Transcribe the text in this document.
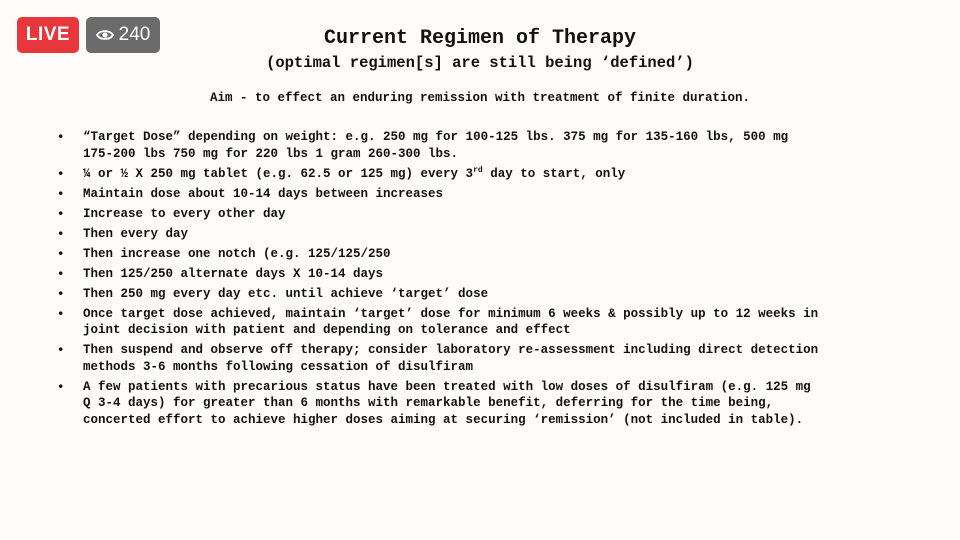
LIVE	240	Current Regimen of Therapy
(optimal regimen[s] are still being ‘defined’)

Aim - to effect an enduring remission with treatment of finite duration.

• “Target Dose” depending on weight: e.g. 250 mg for 100-125 lbs. 375 mg for 135-160 lbs, 500 mg
175-200 lbs 750 mg for 220 lbs 1 gram 260-300 lbs.
• ¼ or ½ X 250 mg tablet (e.g. 62.5 or 125 mg) every 3rd day to start, only
• Maintain dose about 10-14 days between increases
• Increase to every other day
• Then every day
• Then increase one notch (e.g. 125/125/250
• Then 125/250 alternate days X 10-14 days
• Then 250 mg every day etc. until achieve ‘target’ dose
• Once target dose achieved, maintain ‘target’ dose for minimum 6 weeks & possibly up to 12 weeks in
joint decision with patient and depending on tolerance and effect
• Then suspend and observe off therapy; consider laboratory re-assessment including direct detection
methods 3-6 months following cessation of disulfiram
• A few patients with precarious status have been treated with low doses of disulfiram (e.g. 125 mg
Q 3-4 days) for greater than 6 months with remarkable benefit, deferring for the time being,
concerted effort to achieve higher doses aiming at securing ‘remission’ (not included in table).
